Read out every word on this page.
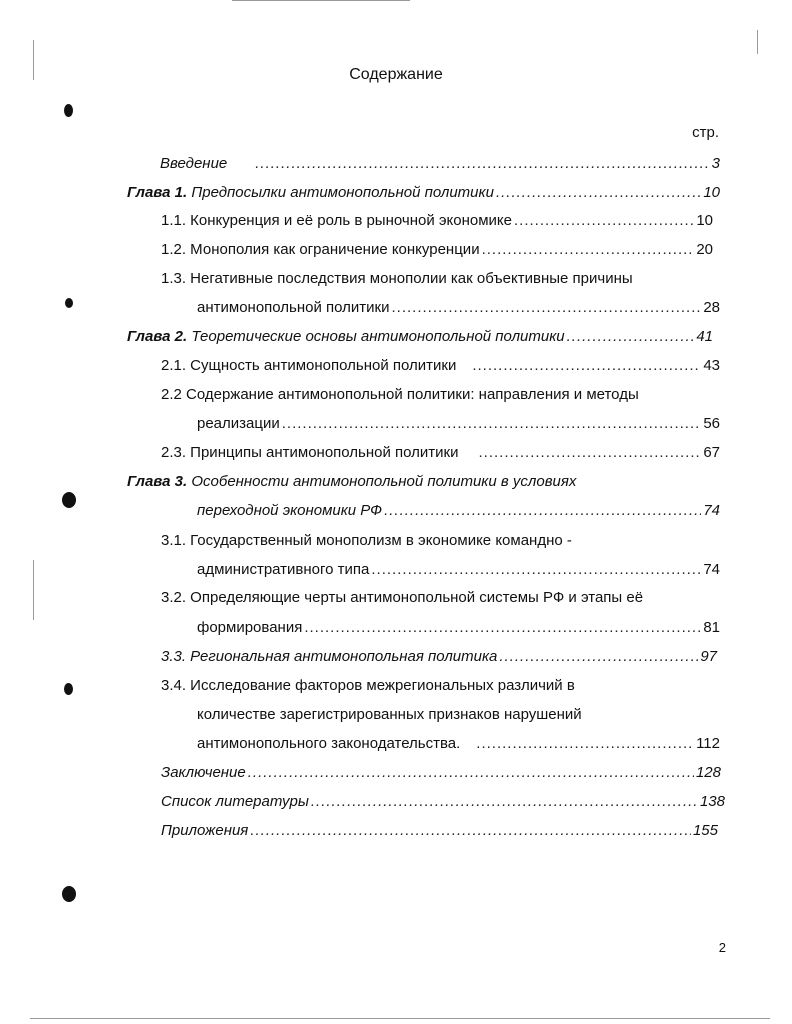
Содержание
стр.
Введение .....	3
Глава 1. Предпосылки антимонопольной политики .....	10
1.1. Конкуренция и её роль в рыночной экономике .....	10
1.2. Монополия как ограничение конкуренции .....	20
1.3. Негативные последствия монополии как объективные причины
антимонопольной политики .....	28
Глава 2. Теоретические основы антимонопольной политики .....	41
2.1. Сущность антимонопольной политики .....	43
2.2 Содержание антимонопольной политики: направления и методы
реализации .....	56
2.3. Принципы антимонопольной политики .....	67
Глава 3. Особенности антимонопольной политики в условиях
переходной экономики РФ .....	74
3.1. Государственный монополизм в экономике командно -
административного типа .....	74
3.2. Определяющие черты антимонопольной системы РФ и этапы её
формирования .....	81
3.3. Региональная антимонопольная политика .....	97
3.4. Исследование факторов межрегиональных различий в
количестве зарегистрированных признаков нарушений
антимонопольного законодательства. .....	112
Заключение .....	128
Список литературы .....	138
Приложения .....	155
2
